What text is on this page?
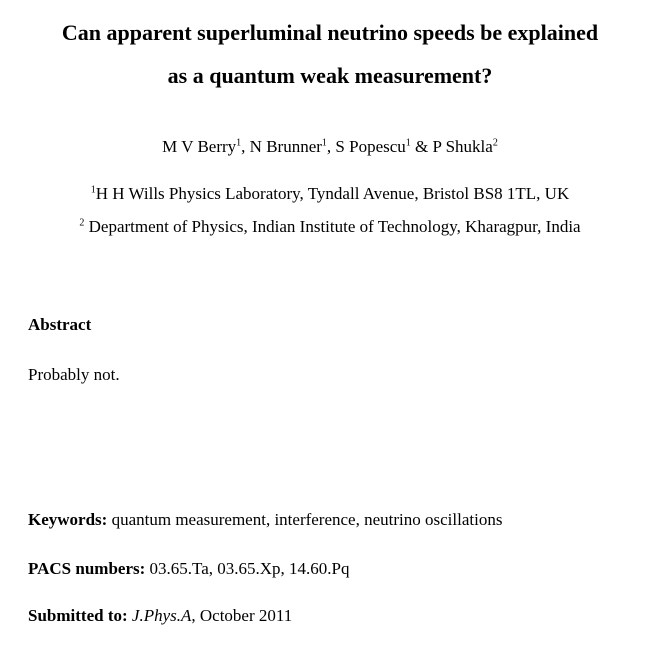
Can apparent superluminal neutrino speeds be explained
as a quantum weak measurement?
M V Berry$^1$, N Brunner$^1$, S Popescu$^1$ & P Shukla$^2$
$^1$H H Wills Physics Laboratory, Tyndall Avenue, Bristol BS8 1TL, UK
$^2$ Department of Physics, Indian Institute of Technology, Kharagpur, India
Abstract
Probably not.
Keywords: quantum measurement, interference, neutrino oscillations
PACS numbers: 03.65.Ta, 03.65.Xp, 14.60.Pq
Submitted to: J.Phys.A, October 2011
